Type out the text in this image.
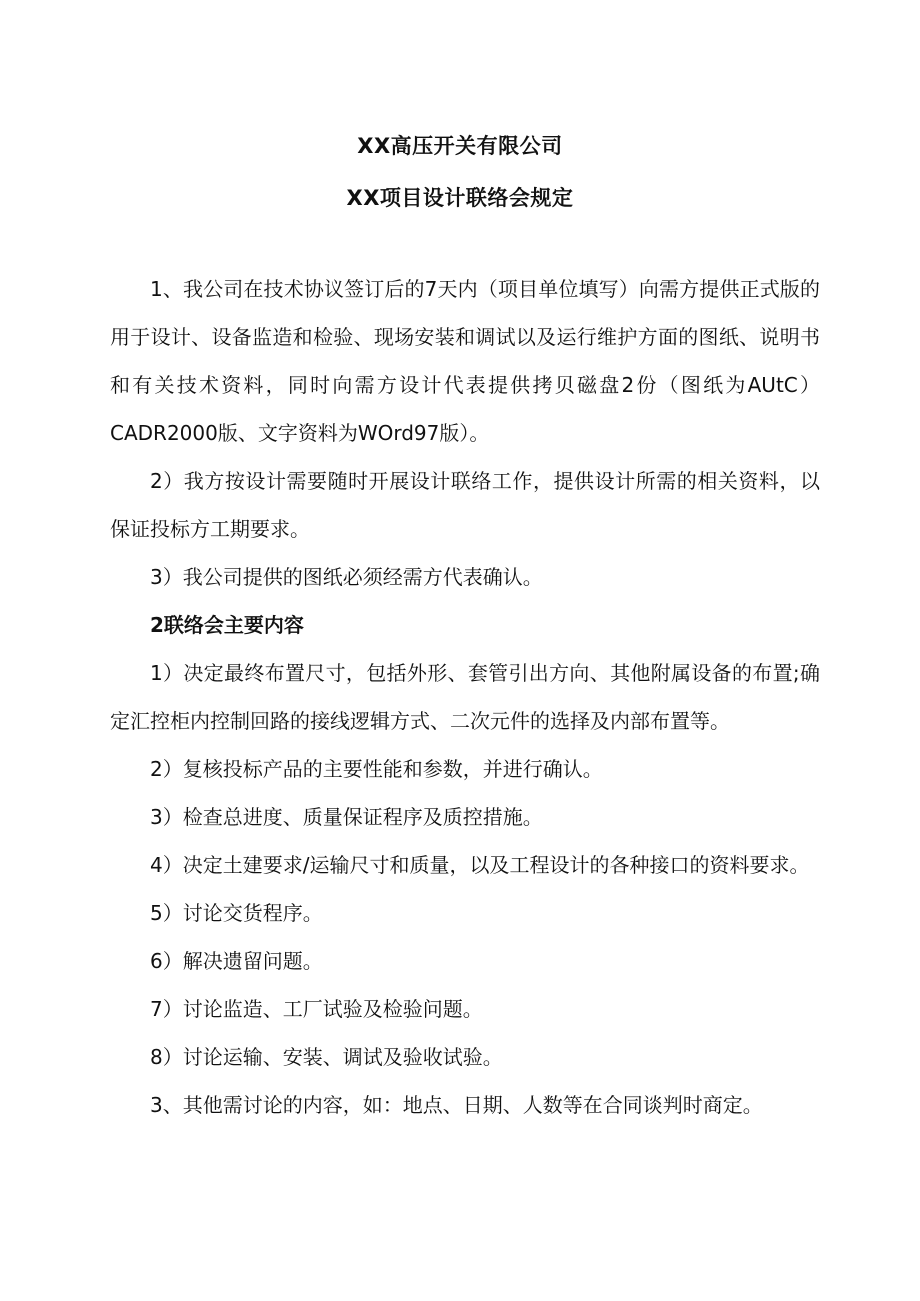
XX高压开关有限公司
XX项目设计联络会规定

1、我公司在技术协议签订后的7天内（项目单位填写）向需方提供正式版的用于设计、设备监造和检验、现场安装和调试以及运行维护方面的图纸、说明书和有关技术资料，同时向需方设计代表提供拷贝磁盘2份（图纸为AUtC）CADR2000版、文字资料为WOrd97版）。

2）我方按设计需要随时开展设计联络工作，提供设计所需的相关资料，以保证投标方工期要求。

3）我公司提供的图纸必须经需方代表确认。

2联络会主要内容

1）决定最终布置尺寸，包括外形、套管引出方向、其他附属设备的布置;确定汇控柜内控制回路的接线逻辑方式、二次元件的选择及内部布置等。

2）复核投标产品的主要性能和参数，并进行确认。

3）检查总进度、质量保证程序及质控措施。

4）决定土建要求/运输尺寸和质量，以及工程设计的各种接口的资料要求。

5）讨论交货程序。

6）解决遗留问题。

7）讨论监造、工厂试验及检验问题。

8）讨论运输、安装、调试及验收试验。

3、其他需讨论的内容，如：地点、日期、人数等在合同谈判时商定。
